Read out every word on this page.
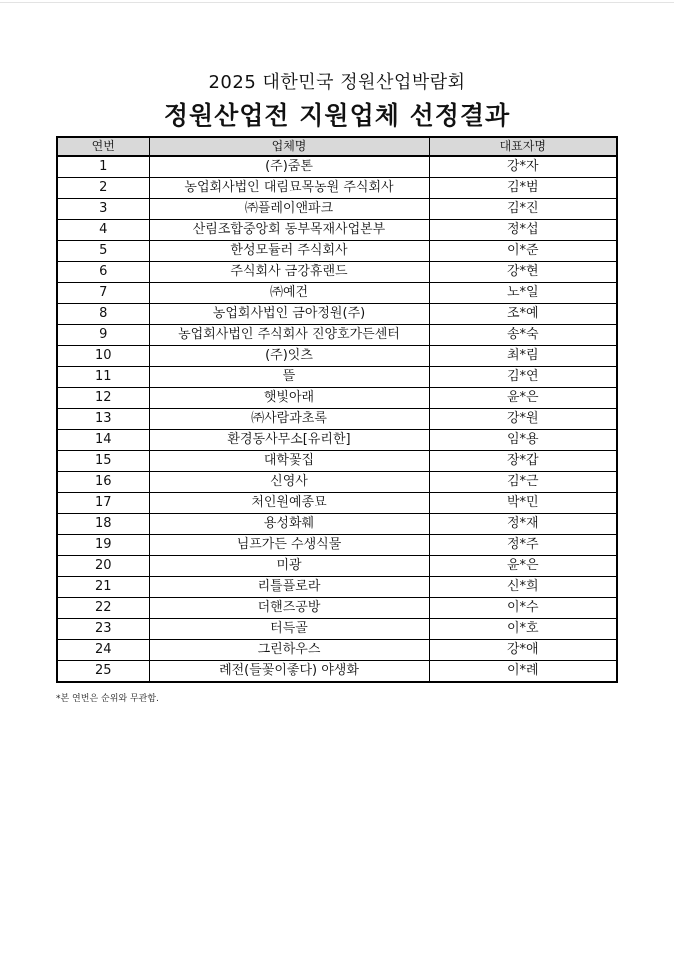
2025 대한민국 정원산업박람회
정원산업전 지원업체 선정결과
연번	업체명	대표자명
1	(주)줌톤	강*자
2	농업회사법인 대림묘목농원 주식회사	김*범
3	㈜플레이앤파크	김*진
4	산림조합중앙회 동부목재사업본부	정*섭
5	한성모듈러 주식회사	이*준
6	주식회사 금강휴랜드	강*현
7	㈜예건	노*일
8	농업회사법인 금아정원(주)	조*예
9	농업회사법인 주식회사 진양호가든센터	송*숙
10	(주)잇츠	최*림
11	뜰	김*연
12	햇빛아래	윤*은
13	㈜사람과초록	강*원
14	환경동사무소[유리한]	임*용
15	대학꽃집	장*갑
16	신영사	김*근
17	처인원예종묘	박*민
18	용성화훼	정*재
19	님프가든 수생식물	정*주
20	미광	윤*은
21	리틀플로라	신*희
22	더핸즈공방	이*수
23	터득골	이*호
24	그린하우스	강*애
25	례전(들꽃이좋다) 야생화	이*례
*본 연번은 순위와 무관함.
